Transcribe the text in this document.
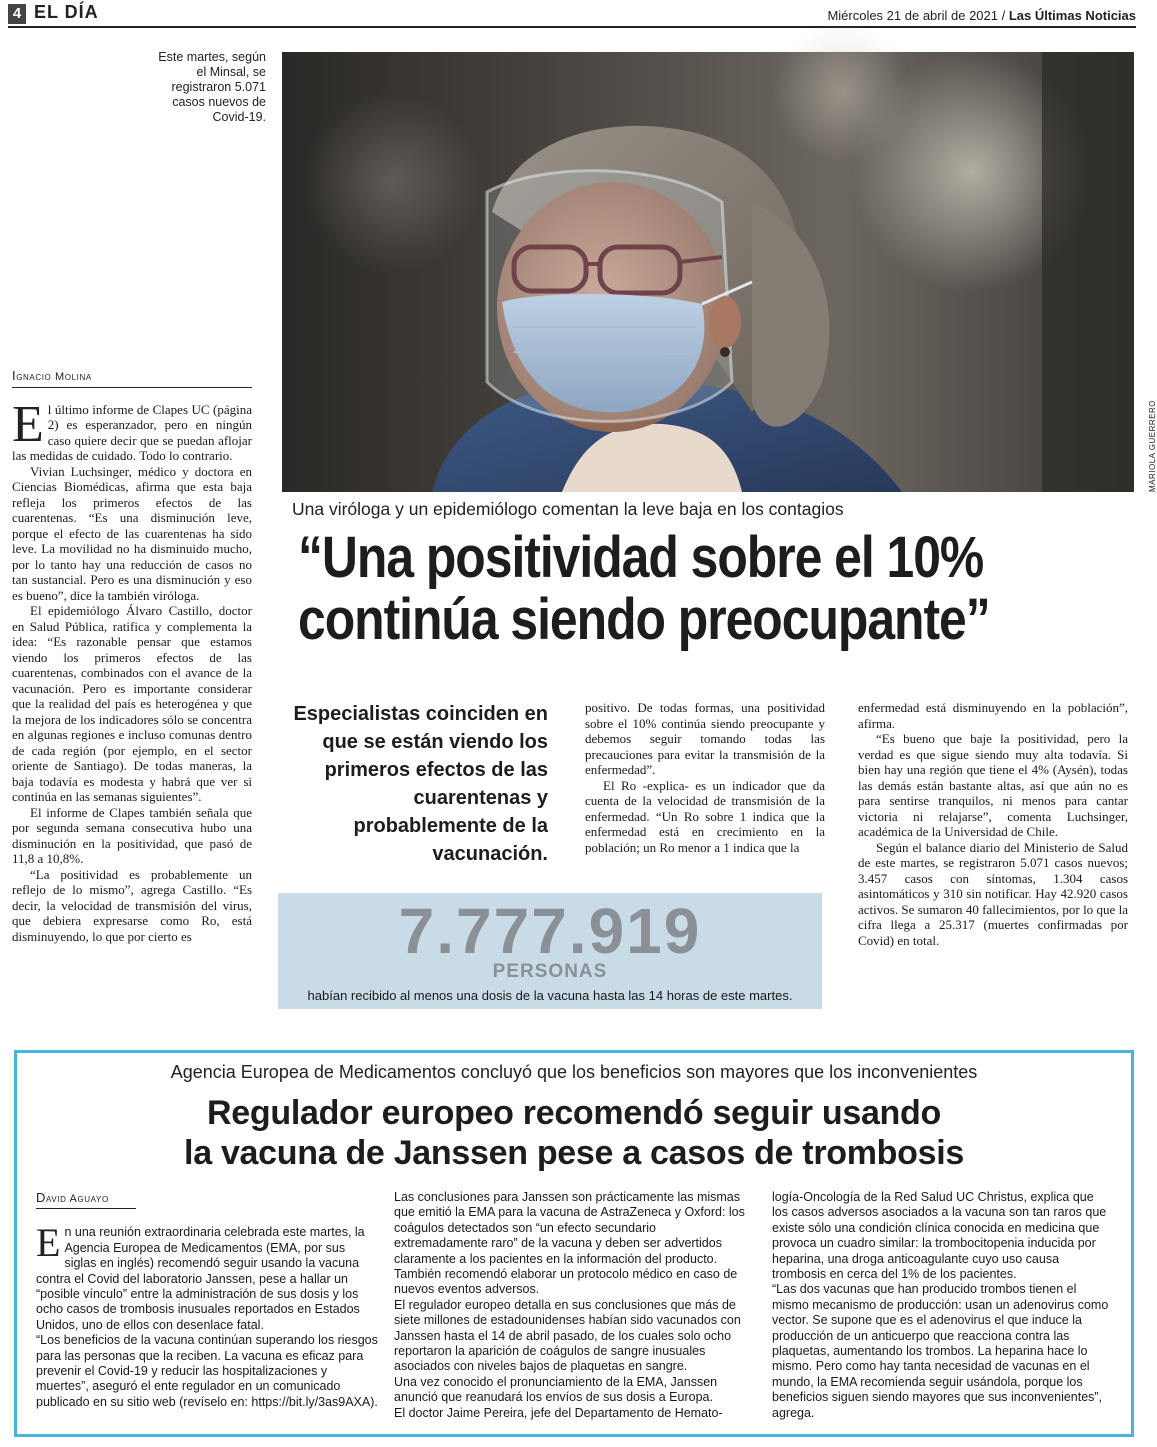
4 EL DÍA	Miércoles 21 de abril de 2021 / Las Últimas Noticias
Este martes, según el Minsal, se registraron 5.071 casos nuevos de Covid-19.
MARIOLA GUERRERO
Una viróloga y un epidemiólogo comentan la leve baja en los contagios
“Una positividad sobre el 10%
continúa siendo preocupante”
Especialistas coinciden en que se están viendo los primeros efectos de las cuarentenas y probablemente de la vacunación.
Ignacio Molina

El último informe de Clapes UC (página 2) es esperanzador, pero en ningún caso quiere decir que se puedan aflojar las medidas de cuidado. Todo lo contrario.

Vivian Luchsinger, médico y doctora en Ciencias Biomédicas, afirma que esta baja refleja los primeros efectos de las cuarentenas. “Es una disminución leve, porque el efecto de las cuarentenas ha sido leve. La movilidad no ha disminuido mucho, por lo tanto hay una reducción de casos no tan sustancial. Pero es una disminución y eso es bueno”, dice la también viróloga.

El epidemiólogo Álvaro Castillo, doctor en Salud Pública, ratifica y complementa la idea: “Es razonable pensar que estamos viendo los primeros efectos de las cuarentenas, combinados con el avance de la vacunación. Pero es importante considerar que la realidad del país es heterogénea y que la mejora de los indicadores sólo se concentra en algunas regiones e incluso comunas dentro de cada región (por ejemplo, en el sector oriente de Santiago). De todas maneras, la baja todavía es modesta y habrá que ver si continúa en las semanas siguientes”.

El informe de Clapes también señala que por segunda semana consecutiva hubo una disminución en la positividad, que pasó de 11,8 a 10,8%.

“La positividad es probablemente un reflejo de lo mismo”, agrega Castillo. “Es decir, la velocidad de transmisión del virus, que debiera expresarse como Ro, está disminuyendo, lo que por cierto es

positivo. De todas formas, una positividad sobre el 10% continúa siendo preocupante y debemos seguir tomando todas las precauciones para evitar la transmisión de la enfermedad”.

El Ro -explica- es un indicador que da cuenta de la velocidad de transmisión de la enfermedad. “Un Ro sobre 1 indica que la enfermedad está en crecimiento en la población; un Ro menor a 1 indica que la

enfermedad está disminuyendo en la población”, afirma.

“Es bueno que baje la positividad, pero la verdad es que sigue siendo muy alta todavía. Si bien hay una región que tiene el 4% (Aysén), todas las demás están bastante altas, así que aún no es para sentirse tranquilos, ni menos para cantar victoria ni relajarse”, comenta Luchsinger, académica de la Universidad de Chile.

Según el balance diario del Ministerio de Salud de este martes, se registraron 5.071 casos nuevos; 3.457 casos con síntomas, 1.304 casos asintomáticos y 310 sin notificar. Hay 42.920 casos activos. Se sumaron 40 fallecimientos, por lo que la cifra llega a 25.317 (muertes confirmadas por Covid) en total.

7.777.919
PERSONAS
habían recibido al menos una dosis de la vacuna hasta las 14 horas de este martes.
Agencia Europea de Medicamentos concluyó que los beneficios son mayores que los inconvenientes
Regulador europeo recomendó seguir usando
la vacuna de Janssen pese a casos de trombosis
David Aguayo

En una reunión extraordinaria celebrada este martes, la Agencia Europea de Medicamentos (EMA, por sus siglas en inglés) recomendó seguir usando la vacuna contra el Covid del laboratorio Janssen, pese a hallar un “posible vínculo” entre la administración de sus dosis y los ocho casos de trombosis inusuales reportados en Estados Unidos, uno de ellos con desenlace fatal.

“Los beneficios de la vacuna continúan superando los riesgos para las personas que la reciben. La vacuna es eficaz para prevenir el Covid-19 y reducir las hospitalizaciones y muertes”, aseguró el ente regulador en un comunicado publicado en su sitio web (revíselo en: https://bit.ly/3as9AXA).

Las conclusiones para Janssen son prácticamente las mismas que emitió la EMA para la vacuna de AstraZeneca y Oxford: los coágulos detectados son “un efecto secundario extremadamente raro” de la vacuna y deben ser advertidos claramente a los pacientes en la información del producto. También recomendó elaborar un protocolo médico en caso de nuevos eventos adversos.

El regulador europeo detalla en sus conclusiones que más de siete millones de estadounidenses habían sido vacunados con Janssen hasta el 14 de abril pasado, de los cuales solo ocho reportaron la aparición de coágulos de sangre inusuales asociados con niveles bajos de plaquetas en sangre.

Una vez conocido el pronunciamiento de la EMA, Janssen anunció que reanudará los envíos de sus dosis a Europa.

El doctor Jaime Pereira, jefe del Departamento de Hemato-

logía-Oncología de la Red Salud UC Christus, explica que los casos adversos asociados a la vacuna son tan raros que existe sólo una condición clínica conocida en medicina que provoca un cuadro similar: la trombocitopenia inducida por heparina, una droga anticoagulante cuyo uso causa trombosis en cerca del 1% de los pacientes.

“Las dos vacunas que han producido trombos tienen el mismo mecanismo de producción: usan un adenovirus como vector. Se supone que es el adenovirus el que induce la producción de un anticuerpo que reacciona contra las plaquetas, aumentando los trombos. La heparina hace lo mismo. Pero como hay tanta necesidad de vacunas en el mundo, la EMA recomienda seguir usándola, porque los beneficios siguen siendo mayores que sus inconvenientes”, agrega.
